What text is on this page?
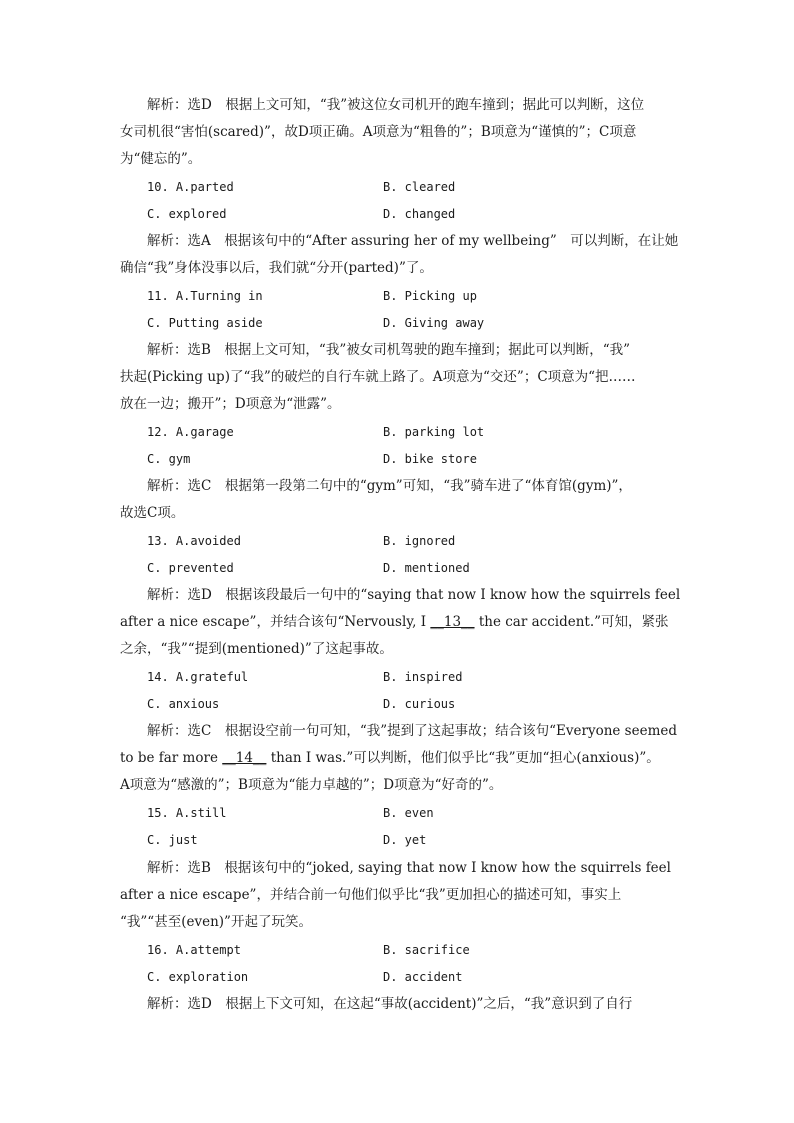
解析：选D　根据上文可知，“我”被这位女司机开的跑车撞到；据此可以判断，这位
女司机很“害怕(scared)”，故D项正确。A项意为“粗鲁的”；B项意为“谨慎的”；C项意
为“健忘的”。
10. A.parted	B. cleared
C. explored	D. changed
解析：选A　根据该句中的“After assuring her of my wellbeing”　可以判断，在让她
确信“我”身体没事以后，我们就“分开(parted)”了。
11. A.Turning in	B. Picking up
C. Putting aside	D. Giving away
解析：选B　根据上文可知，“我”被女司机驾驶的跑车撞到；据此可以判断，“我”
扶起(Picking up)了“我”的破烂的自行车就上路了。A项意为“交还”；C项意为“把……
放在一边；搬开”；D项意为“泄露”。
12. A.garage	B. parking lot
C. gym	D. bike store
解析：选C　根据第一段第二句中的“gym”可知，“我”骑车进了“体育馆(gym)”，
故选C项。
13. A.avoided	B. ignored
C. prevented	D. mentioned
解析：选D　根据该段最后一句中的“saying that now I know how the squirrels feel
after a nice escape”，并结合该句“Nervously, I __13__ the car accident.”可知，紧张
之余，“我”“提到(mentioned)”了这起事故。
14. A.grateful	B. inspired
C. anxious	D. curious
解析：选C　根据设空前一句可知，“我”提到了这起事故；结合该句“Everyone seemed
to be far more __14__ than I was.”可以判断，他们似乎比“我”更加“担心(anxious)”。
A项意为“感激的”；B项意为“能力卓越的”；D项意为“好奇的”。
15. A.still	B. even
C. just	D. yet
解析：选B　根据该句中的“joked, saying that now I know how the squirrels feel
after a nice escape”，并结合前一句他们似乎比“我”更加担心的描述可知，事实上
“我”“甚至(even)”开起了玩笑。
16. A.attempt	B. sacrifice
C. exploration	D. accident
解析：选D　根据上下文可知，在这起“事故(accident)”之后，“我”意识到了自行
